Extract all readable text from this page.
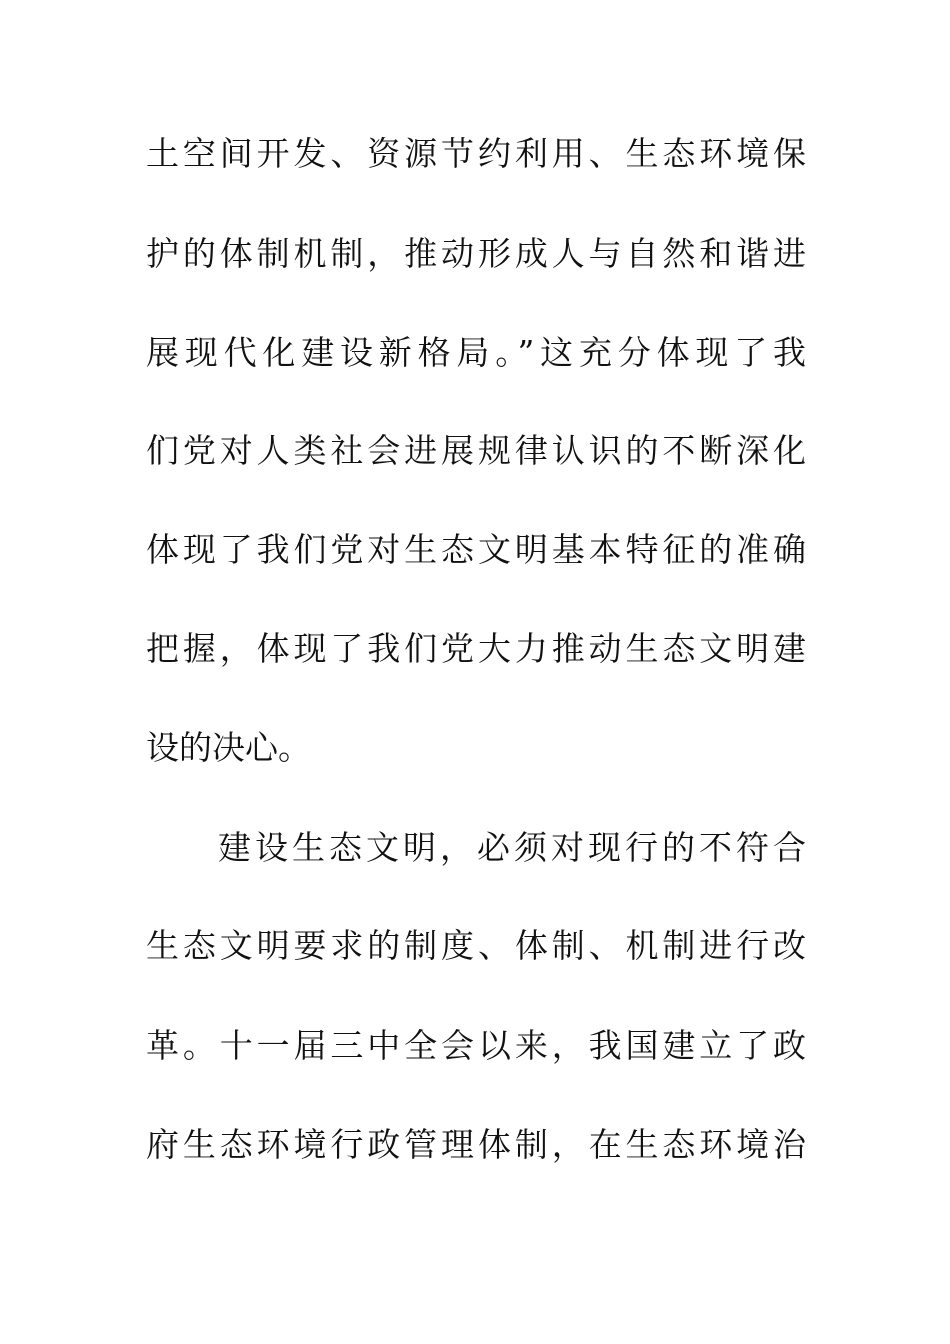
土空间开发、资源节约利用、生态环境保
护的体制机制，推动形成人与自然和谐进
展现代化建设新格局。”这充分体现了我
们党对人类社会进展规律认识的不断深化
体现了我们党对生态文明基本特征的准确
把握，体现了我们党大力推动生态文明建
设的决心。
建设生态文明，必须对现行的不符合
生态文明要求的制度、体制、机制进行改
革。十一届三中全会以来，我国建立了政
府生态环境行政管理体制，在生态环境治
